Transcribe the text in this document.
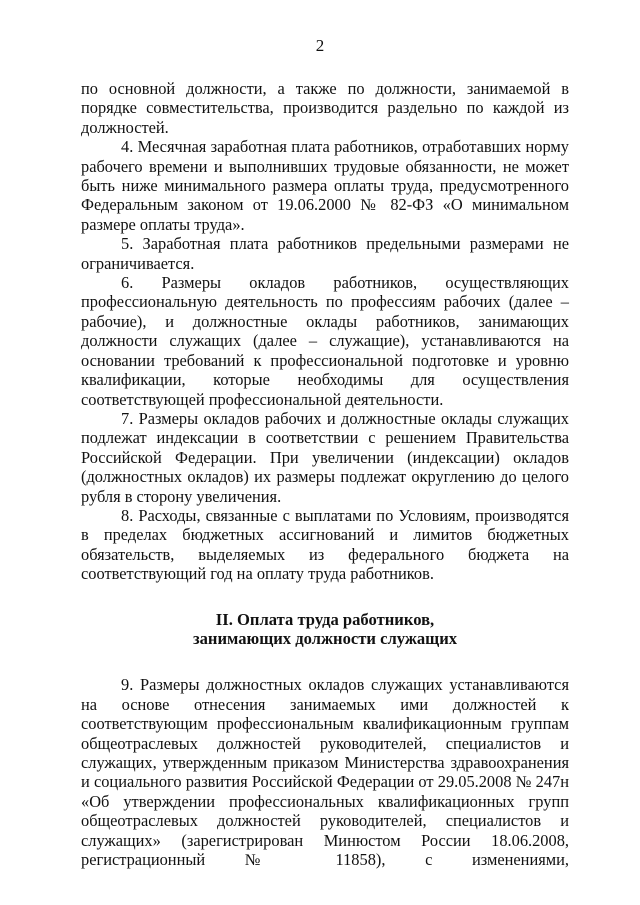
2

по основной должности, а также по должности, занимаемой в порядке совместительства, производится раздельно по каждой из должностей.

4. Месячная заработная плата работников, отработавших норму рабочего времени и выполнивших трудовые обязанности, не может быть ниже минимального размера оплаты труда, предусмотренного Федеральным законом от 19.06.2000 № 82-ФЗ «О минимальном размере оплаты труда».

5. Заработная плата работников предельными размерами не ограничивается.

6. Размеры окладов работников, осуществляющих профессиональную деятельность по профессиям рабочих (далее – рабочие), и должностные оклады работников, занимающих должности служащих (далее – служащие), устанавливаются на основании требований к профессиональной подготовке и уровню квалификации, которые необходимы для осуществления соответствующей профессиональной деятельности.

7. Размеры окладов рабочих и должностные оклады служащих подлежат индексации в соответствии с решением Правительства Российской Федерации. При увеличении (индексации) окладов (должностных окладов) их размеры подлежат округлению до целого рубля в сторону увеличения.

8. Расходы, связанные с выплатами по Условиям, производятся в пределах бюджетных ассигнований и лимитов бюджетных обязательств, выделяемых из федерального бюджета на соответствующий год на оплату труда работников.

II. Оплата труда работников,
занимающих должности служащих

9. Размеры должностных окладов служащих устанавливаются на основе отнесения занимаемых ими должностей к соответствующим профессиональным квалификационным группам общеотраслевых должностей руководителей, специалистов и служащих, утвержденным приказом Министерства здравоохранения и социального развития Российской Федерации от 29.05.2008 № 247н «Об утверждении профессиональных квалификационных групп общеотраслевых должностей руководителей, специалистов и служащих» (зарегистрирован Минюстом России 18.06.2008, регистрационный № 11858), с изменениями,
